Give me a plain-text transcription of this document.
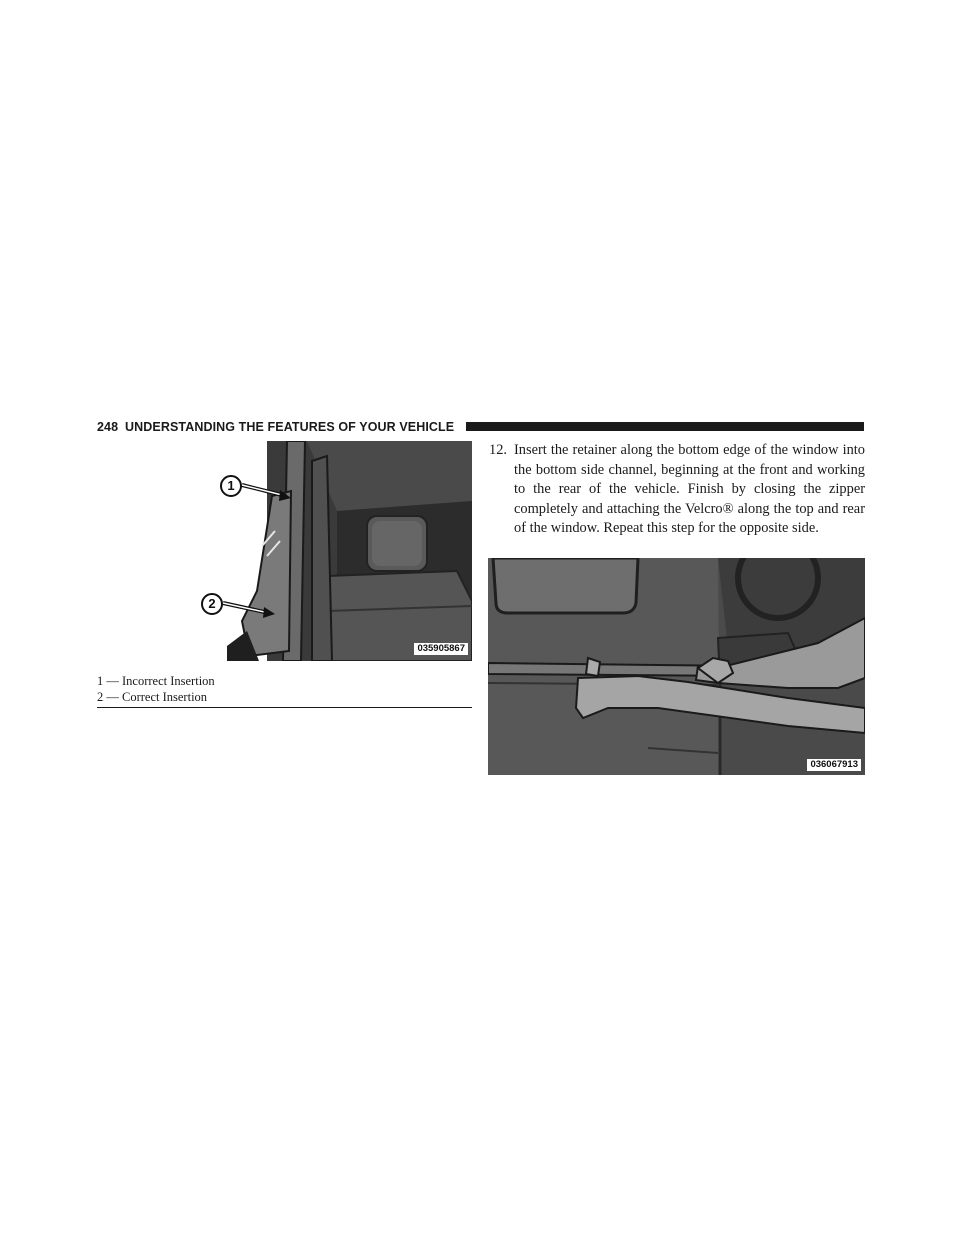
248 UNDERSTANDING THE FEATURES OF YOUR VEHICLE
1
2
035905867
1 — Incorrect Insertion
2 — Correct Insertion
12. Insert the retainer along the bottom edge of the window into the bottom side channel, beginning at the front and working to the rear of the vehicle. Finish by closing the zipper completely and attaching the Velcro® along the top and rear of the window. Repeat this step for the opposite side.
036067913
